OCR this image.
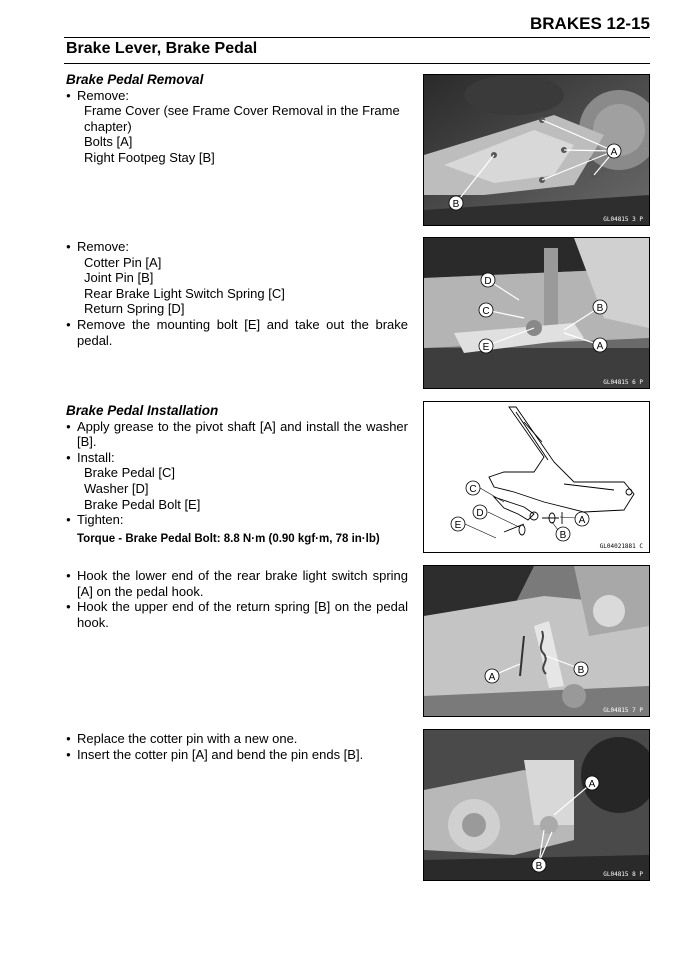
BRAKES 12-15
Brake Lever, Brake Pedal
Brake Pedal Removal
● Remove:
Frame Cover (see Frame Cover Removal in the Frame chapter)
Bolts [A]
Right Footpeg Stay [B]
● Remove:
Cotter Pin [A]
Joint Pin [B]
Rear Brake Light Switch Spring [C]
Return Spring [D]
● Remove the mounting bolt [E] and take out the brake pedal.
Brake Pedal Installation
● Apply grease to the pivot shaft [A] and install the washer [B].
● Install:
Brake Pedal [C]
Washer [D]
Brake Pedal Bolt [E]
● Tighten:
Torque - Brake Pedal Bolt: 8.8 N·m (0.90 kgf·m, 78 in·lb)
● Hook the lower end of the rear brake light switch spring [A] on the pedal hook.
● Hook the upper end of the return spring [B] on the pedal hook.
● Replace the cotter pin with a new one.
● Insert the cotter pin [A] and bend the pin ends [B].
A
B
GL04815 3 P
D
C	B
E	A
GL04815 6 P
C
D
E	A
B
GL04021881 C
A
B
GL04815 7 P
A
B
GL04815 8 P
